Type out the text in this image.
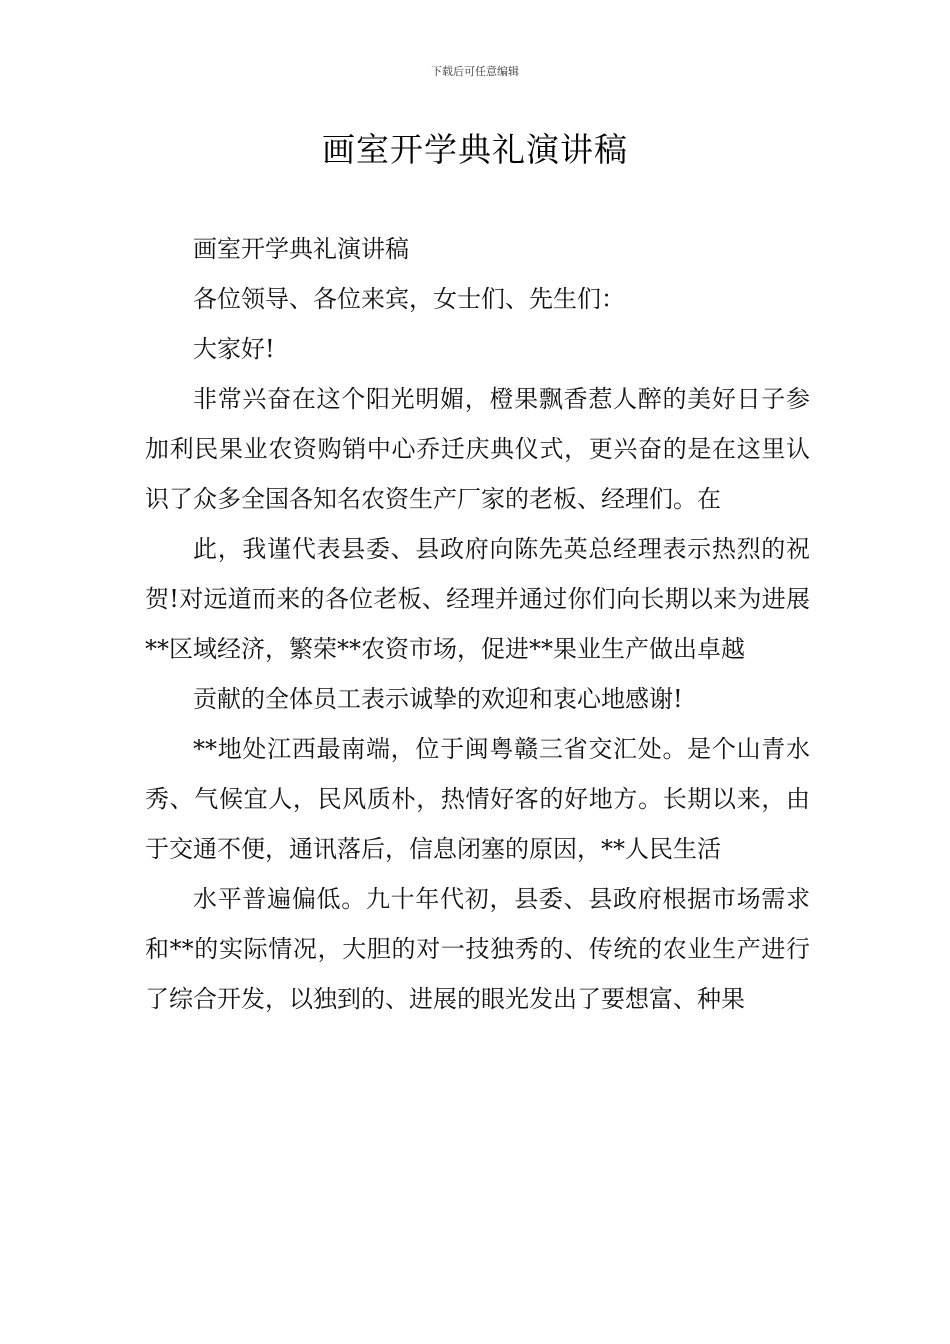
下载后可任意编辑
画室开学典礼演讲稿

画室开学典礼演讲稿

各位领导、各位来宾，女士们、先生们：

大家好!

非常兴奋在这个阳光明媚，橙果飘香惹人醉的美好日子参加利民果业农资购销中心乔迁庆典仪式，更兴奋的是在这里认识了众多全国各知名农资生产厂家的老板、经理们。在

此，我谨代表县委、县政府向陈先英总经理表示热烈的祝贺!对远道而来的各位老板、经理并通过你们向长期以来为进展**区域经济，繁荣**农资市场，促进**果业生产做出卓越

贡献的全体员工表示诚挚的欢迎和衷心地感谢!

**地处江西最南端，位于闽粤赣三省交汇处。是个山青水秀、气候宜人，民风质朴，热情好客的好地方。长期以来，由于交通不便，通讯落后，信息闭塞的原因，**人民生活

水平普遍偏低。九十年代初，县委、县政府根据市场需求和**的实际情况，大胆的对一技独秀的、传统的农业生产进行了综合开发，以独到的、进展的眼光发出了要想富、种果
